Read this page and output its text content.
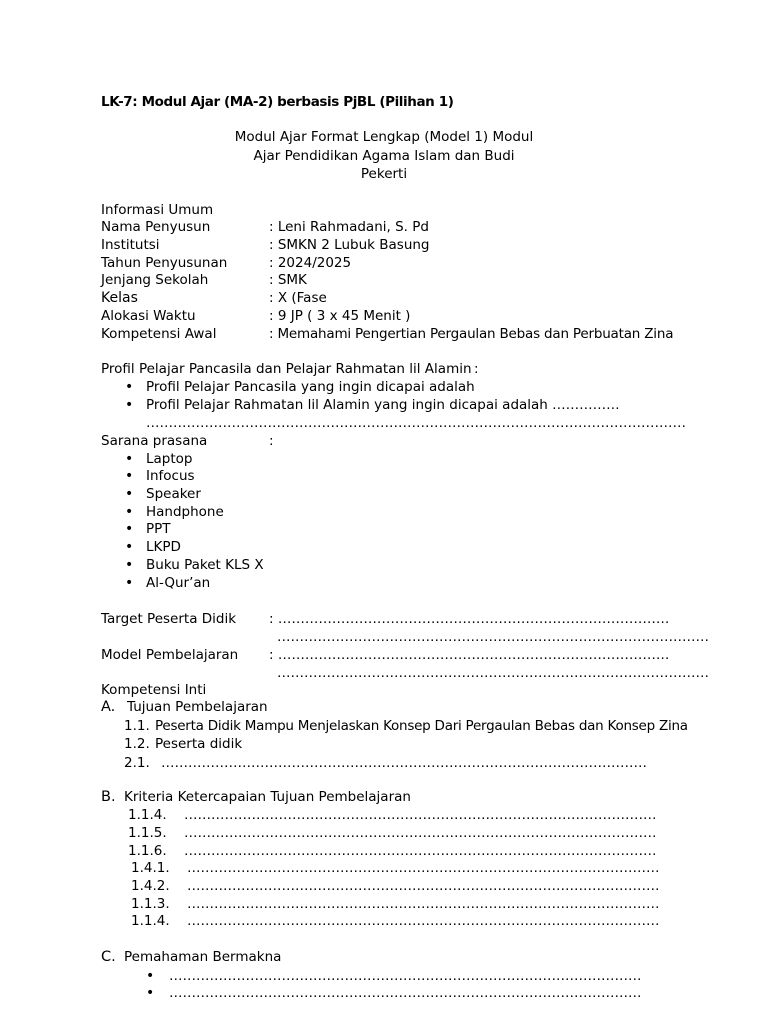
LK-7: Modul Ajar (MA-2) berbasis PjBL (Pilihan 1)
Modul Ajar Format Lengkap (Model 1) Modul
Ajar Pendidikan Agama Islam dan Budi
Pekerti
Informasi Umum
Nama Penyusun	: Leni Rahmadani, S. Pd
Institutsi	: SMKN 2 Lubuk Basung
Tahun Penyusunan	: 2024/2025
Jenjang Sekolah	: SMK
Kelas	: X (Fase
Alokasi Waktu	: 9 JP ( 3 x 45 Menit )
Kompetensi Awal	: Memahami Pengertian Pergaulan Bebas dan Perbuatan Zina
Profil Pelajar Pancasila dan Pelajar Rahmatan lil Alamin :
• Profil Pelajar Pancasila yang ingin dicapai adalah
• Profil Pelajar Rahmatan lil Alamin yang ingin dicapai adalah ……………
…………………………………………………………………………………………………………
Sarana prasana	:
• Laptop
• Infocus
• Speaker
• Handphone
• PPT
• LKPD
• Buku Paket KLS X
• Al-Qur’an
Target Peserta Didik : ……………………………………………………………………………
……………………………………………………………………………………
Model Pembelajaran : ……………………………………………………………………………
……………………………………………………………………………………
Kompetensi Inti
A. Tujuan Pembelajaran
1.1. Peserta Didik Mampu Menjelaskan Konsep Dari Pergaulan Bebas dan Konsep Zina
1.2. Peserta didik
2.1. ………………………………………………………………………………………………
B. Kriteria Ketercapaian Tujuan Pembelajaran
1.1.4. ……………………………………………………………………………………………
1.1.5. ……………………………………………………………………………………………
1.1.6. ……………………………………………………………………………………………
1.4.1. ……………………………………………………………………………………………
1.4.2. ……………………………………………………………………………………………
1.1.3. ……………………………………………………………………………………………
1.1.4. ……………………………………………………………………………………………
C. Pemahaman Bermakna
• ……………………………………………………………………………………………
• ……………………………………………………………………………………………
